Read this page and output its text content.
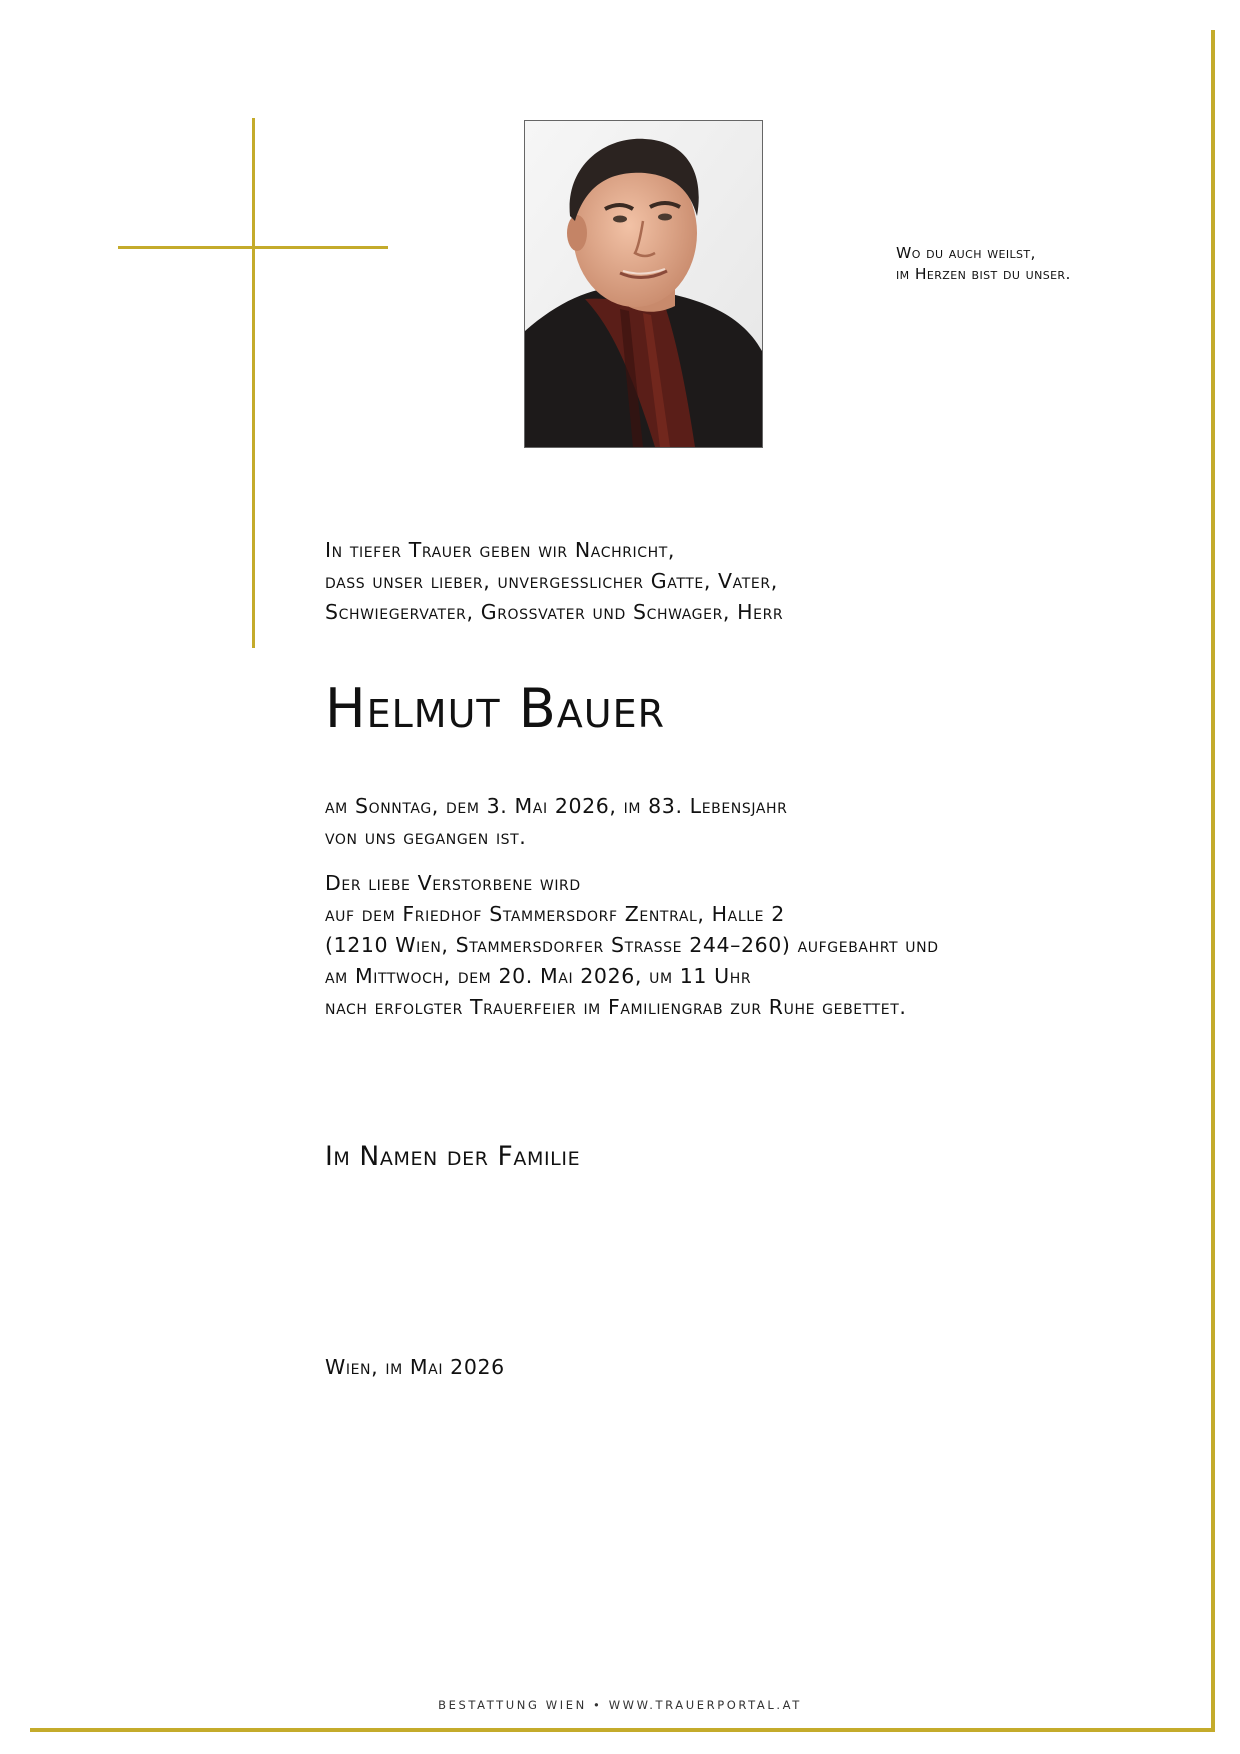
Wo du auch weilst,
im Herzen bist du unser.
In tiefer Trauer geben wir Nachricht,
dass unser lieber, unvergesslicher Gatte, Vater,
Schwiegervater, Grossvater und Schwager, Herr
Helmut Bauer
am Sonntag, dem 3. Mai 2026, im 83. Lebensjahr
von uns gegangen ist.
Der liebe Verstorbene wird
auf dem Friedhof Stammersdorf Zentral, Halle 2
(1210 Wien, Stammersdorfer Strasse 244–260) aufgebahrt und
am Mittwoch, dem 20. Mai 2026, um 11 Uhr
nach erfolgter Trauerfeier im Familiengrab zur Ruhe gebettet.
Im Namen der Familie
Wien, im Mai 2026
BESTATTUNG WIEN • WWW.TRAUERPORTAL.AT
